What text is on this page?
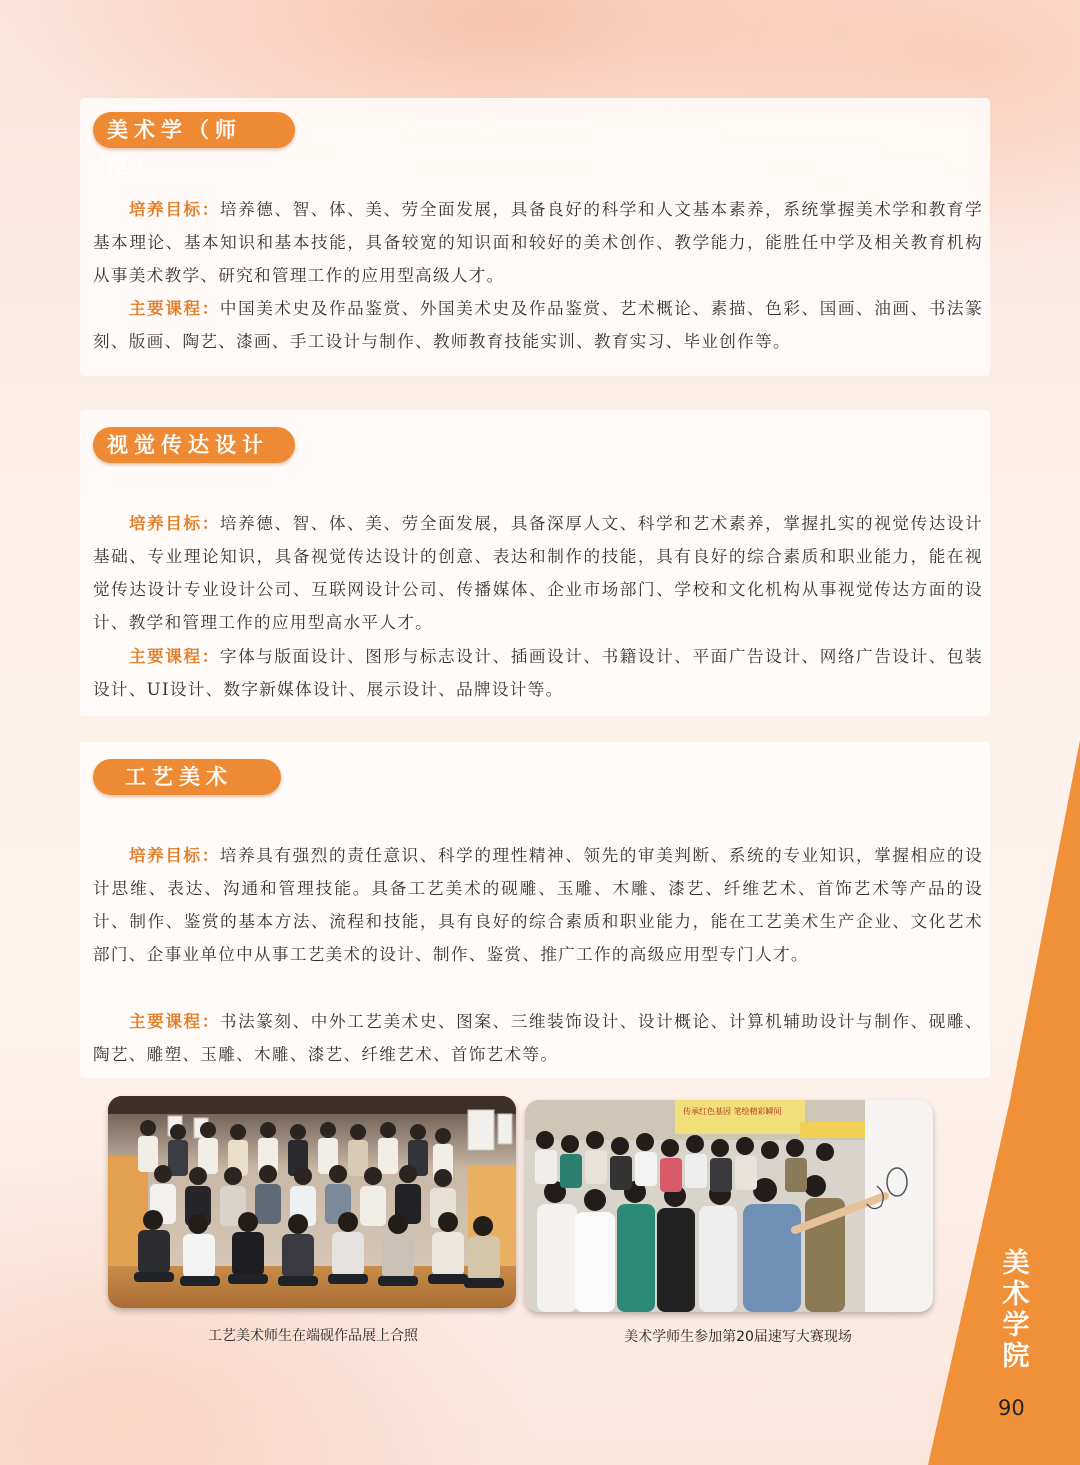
美术学（师范）

培养目标：培养德、智、体、美、劳全面发展，具备良好的科学和人文基本素养，系统掌握美术学和教育学基本理论、基本知识和基本技能，具备较宽的知识面和较好的美术创作、教学能力，能胜任中学及相关教育机构从事美术教学、研究和管理工作的应用型高级人才。

主要课程：中国美术史及作品鉴赏、外国美术史及作品鉴赏、艺术概论、素描、色彩、国画、油画、书法篆刻、版画、陶艺、漆画、手工设计与制作、教师教育技能实训、教育实习、毕业创作等。

视觉传达设计

培养目标：培养德、智、体、美、劳全面发展，具备深厚人文、科学和艺术素养，掌握扎实的视觉传达设计基础、专业理论知识，具备视觉传达设计的创意、表达和制作的技能，具有良好的综合素质和职业能力，能在视觉传达设计专业设计公司、互联网设计公司、传播媒体、企业市场部门、学校和文化机构从事视觉传达方面的设计、教学和管理工作的应用型高水平人才。

主要课程：字体与版面设计、图形与标志设计、插画设计、书籍设计、平面广告设计、网络广告设计、包装设计、UI设计、数字新媒体设计、展示设计、品牌设计等。

工艺美术

培养目标：培养具有强烈的责任意识、科学的理性精神、领先的审美判断、系统的专业知识，掌握相应的设计思维、表达、沟通和管理技能。具备工艺美术的砚雕、玉雕、木雕、漆艺、纤维艺术、首饰艺术等产品的设计、制作、鉴赏的基本方法、流程和技能，具有良好的综合素质和职业能力，能在工艺美术生产企业、文化艺术部门、企事业单位中从事工艺美术的设计、制作、鉴赏、推广工作的高级应用型专门人才。

主要课程：书法篆刻、中外工艺美术史、图案、三维装饰设计、设计概论、计算机辅助设计与制作、砚雕、陶艺、雕塑、玉雕、木雕、漆艺、纤维艺术、首饰艺术等。

工艺美术师生在端砚作品展上合照
传承红色基因 笔绘精彩瞬间
美术学师生参加第20届速写大赛现场
美术学院
90
